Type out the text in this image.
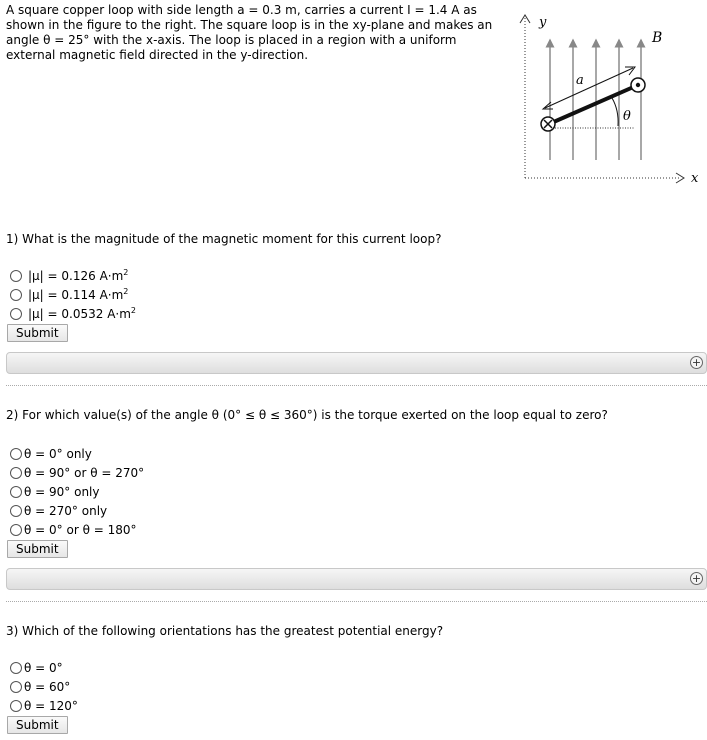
A square copper loop with side length a = 0.3 m, carries a current I = 1.4 A as
shown in the figure to the right. The square loop is in the xy-plane and makes an
angle θ = 25° with the x-axis. The loop is placed in a region with a uniform
external magnetic field directed in the y-direction.
y
x
B
a
θ
1) What is the magnitude of the magnetic moment for this current loop?
|μ| = 0.126 $A\cdot m^2$
|μ| = 0.114 $A\cdot m^2$
|μ| = 0.0532 $A\cdot m^2$
Submit
+
2) For which value(s) of the angle θ (0° ≤ θ ≤ 360°) is the torque exerted on the loop equal to zero?
θ = 0° only
θ = 90° or θ = 270°
θ = 90° only
θ = 270° only
θ = 0° or θ = 180°
Submit
+
3) Which of the following orientations has the greatest potential energy?
θ = 0°
θ = 60°
θ = 120°
Submit
